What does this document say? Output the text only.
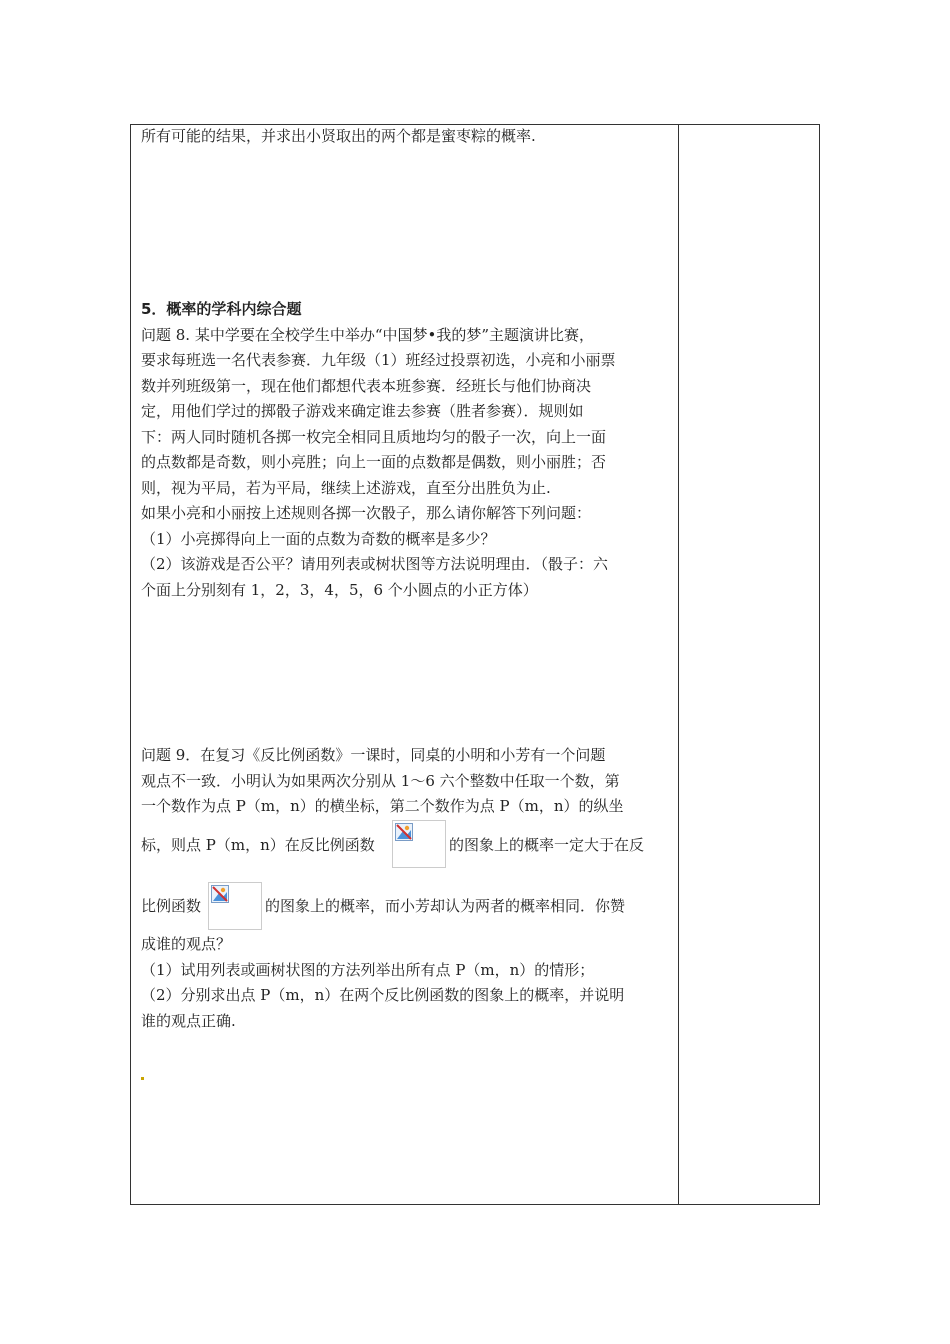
所有可能的结果，并求出小贤取出的两个都是蜜枣粽的概率.
5．概率的学科内综合题
问题 8. 某中学要在全校学生中举办“中国梦•我的梦”主题演讲比赛，
要求每班选一名代表参赛．九年级（1）班经过投票初选，小亮和小丽票
数并列班级第一，现在他们都想代表本班参赛．经班长与他们协商决
定，用他们学过的掷骰子游戏来确定谁去参赛（胜者参赛）．规则如
下：两人同时随机各掷一枚完全相同且质地均匀的骰子一次，向上一面
的点数都是奇数，则小亮胜；向上一面的点数都是偶数，则小丽胜；否
则，视为平局，若为平局，继续上述游戏，直至分出胜负为止.
如果小亮和小丽按上述规则各掷一次骰子，那么请你解答下列问题：
（1）小亮掷得向上一面的点数为奇数的概率是多少？
（2）该游戏是否公平？请用列表或树状图等方法说明理由．（骰子：六
个面上分别刻有 1，2，3，4，5，6 个小圆点的小正方体）
问题 9．在复习《反比例函数》一课时，同桌的小明和小芳有一个问题
观点不一致．小明认为如果两次分别从 1～6 六个整数中任取一个数，第
一个数作为点 P（m，n）的横坐标，第二个数作为点 P（m，n）的纵坐
标，则点 P（m，n）在反比例函数	的图象上的概率一定大于在反
比例函数	的图象上的概率，而小芳却认为两者的概率相同．你赞
成谁的观点？
（1）试用列表或画树状图的方法列举出所有点 P（m，n）的情形；
（2）分别求出点 P（m，n）在两个反比例函数的图象上的概率，并说明
谁的观点正确.
